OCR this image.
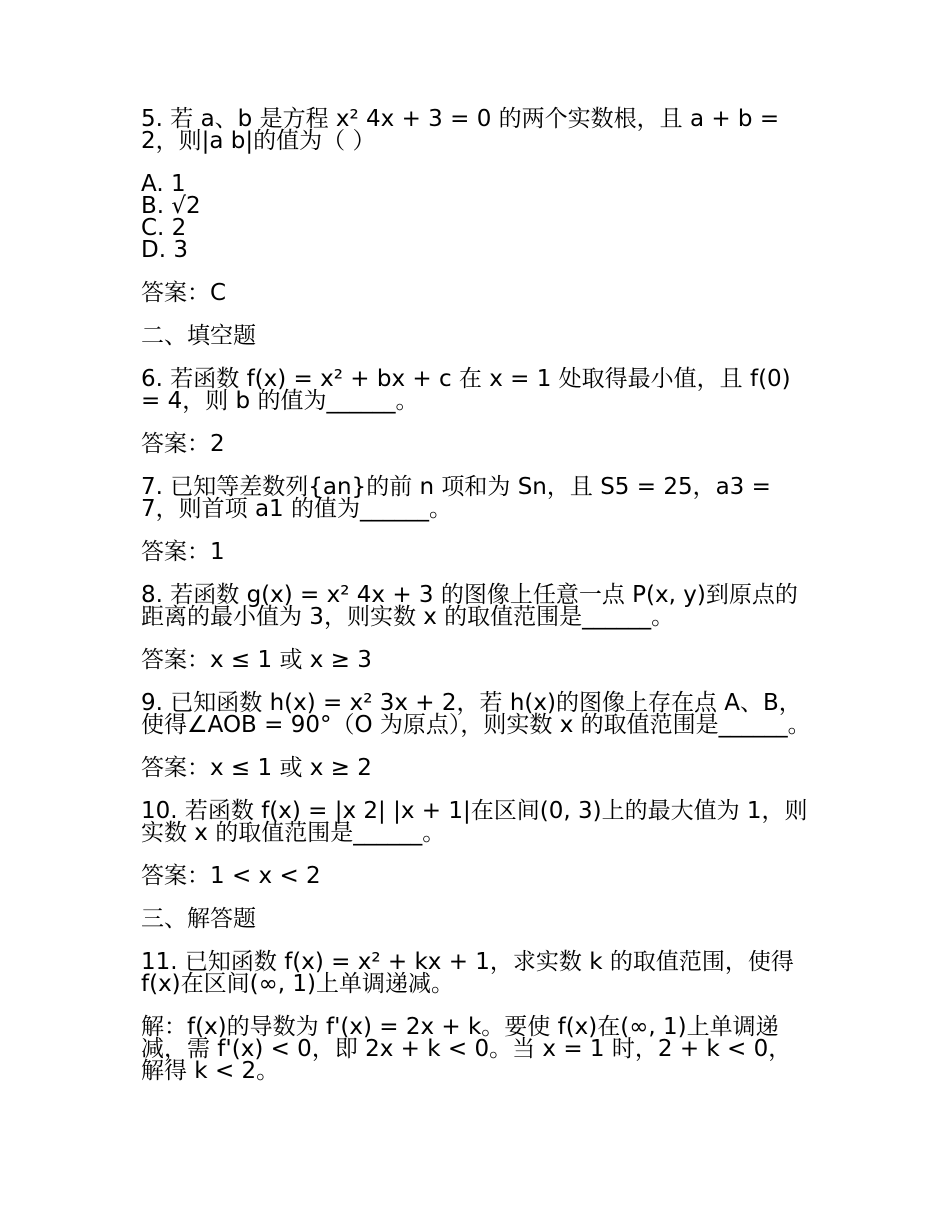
5. 若 a、b 是方程 x² 4x + 3 = 0 的两个实数根，且 a + b = 2，则|a b|的值为（ ）

A. 1
B. √2
C. 2
D. 3

答案：C

二、填空题

6. 若函数 f(x) = x² + bx + c 在 x = 1 处取得最小值，且 f(0) = 4，则 b 的值为______。

答案：2

7. 已知等差数列{an}的前 n 项和为 Sn，且 S5 = 25，a3 = 7，则首项 a1 的值为______。

答案：1

8. 若函数 g(x) = x² 4x + 3 的图像上任意一点 P(x, y)到原点的距离的最小值为 3，则实数 x 的取值范围是______。

答案：x ≤ 1 或 x ≥ 3

9. 已知函数 h(x) = x² 3x + 2，若 h(x)的图像上存在点 A、B，使得∠AOB = 90°（O 为原点），则实数 x 的取值范围是______。

答案：x ≤ 1 或 x ≥ 2

10. 若函数 f(x) = |x 2| |x + 1|在区间(0, 3)上的最大值为 1，则实数 x 的取值范围是______。

答案：1 < x < 2

三、解答题

11. 已知函数 f(x) = x² + kx + 1，求实数 k 的取值范围，使得 f(x)在区间(∞, 1)上单调递减。

解：f(x)的导数为 f'(x) = 2x + k。要使 f(x)在(∞, 1)上单调递减，需 f'(x) < 0，即 2x + k < 0。当 x = 1 时，2 + k < 0，解得 k < 2。
